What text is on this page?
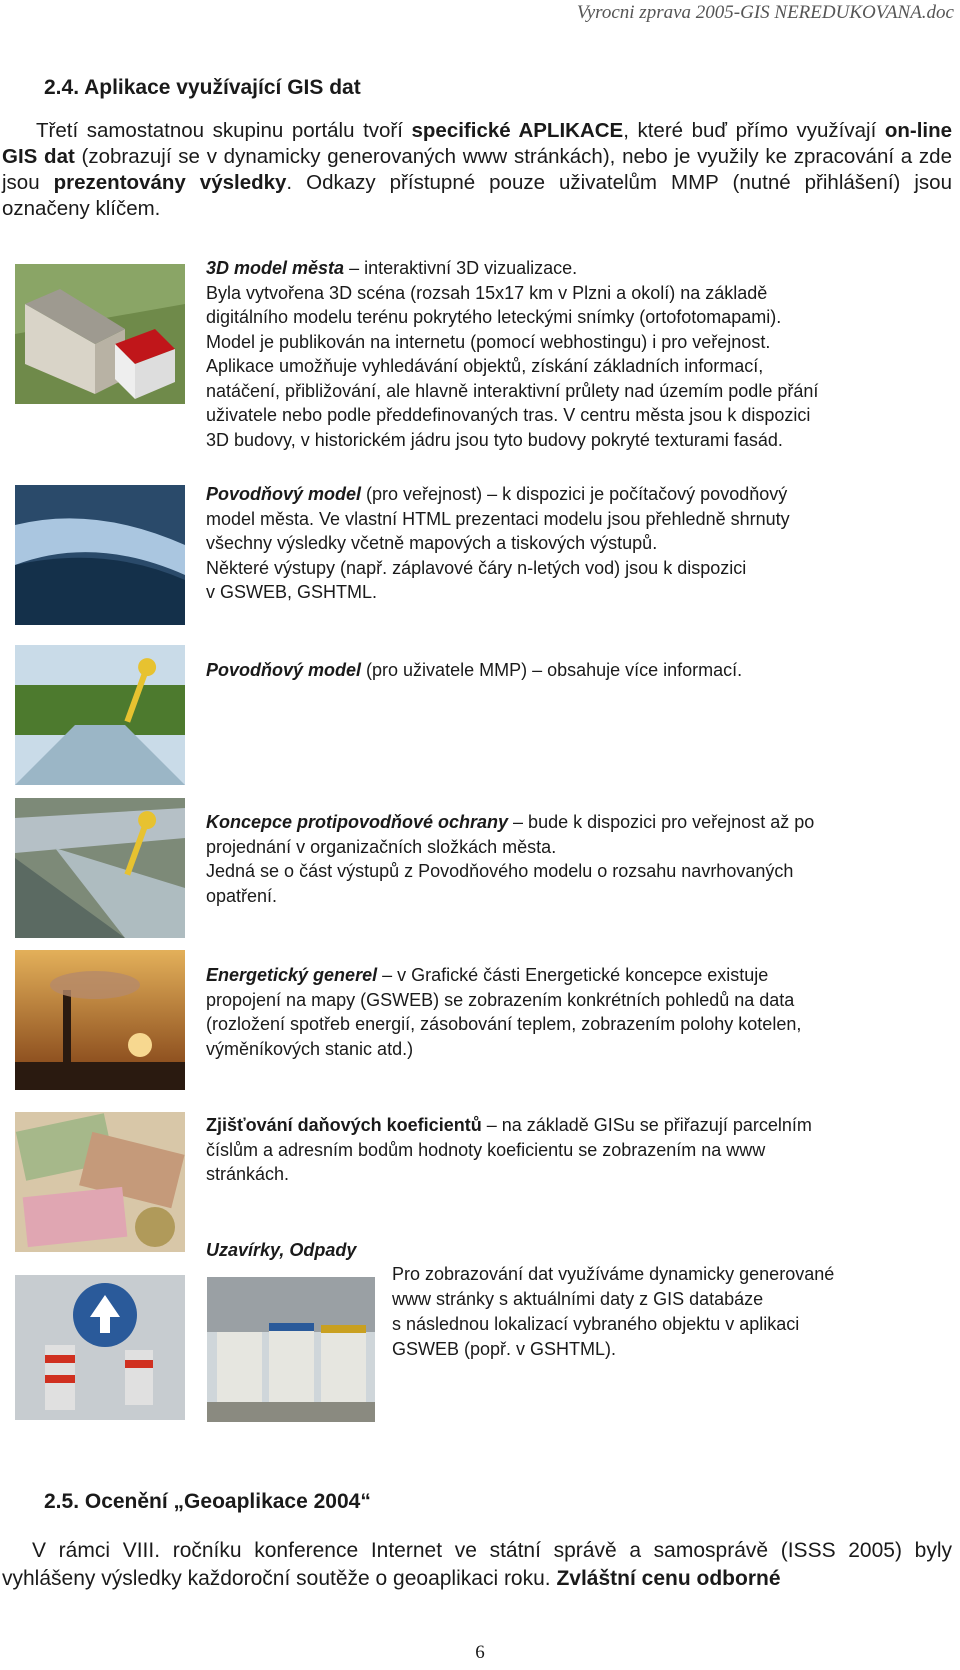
Vyrocni zprava 2005-GIS NEREDUKOVANA.doc
2.4. Aplikace využívající GIS dat
Třetí samostatnou skupinu portálu tvoří specifické APLIKACE, které buď přímo využívají on-line GIS dat (zobrazují se v dynamicky generovaných www stránkách), nebo je využily ke zpracování a zde jsou prezentovány výsledky. Odkazy přístupné pouze uživatelům MMP (nutné přihlášení) jsou označeny klíčem.
3D model města – interaktivní 3D vizualizace.
Byla vytvořena 3D scéna (rozsah 15x17 km v Plzni a okolí) na základě
digitálního modelu terénu pokrytého leteckými snímky (ortofotomapami).
Model je publikován na internetu (pomocí webhostingu) i pro veřejnost.
Aplikace umožňuje vyhledávání objektů, získání základních informací,
natáčení, přibližování, ale hlavně interaktivní průlety nad územím podle přání
uživatele nebo podle předdefinovaných tras. V centru města jsou k dispozici
3D budovy, v historickém jádru jsou tyto budovy pokryté texturami fasád.
Povodňový model (pro veřejnost) – k dispozici je počítačový povodňový
model města. Ve vlastní HTML prezentaci modelu jsou přehledně shrnuty
všechny výsledky včetně mapových a tiskových výstupů.
Některé výstupy (např. záplavové čáry n-letých vod) jsou k dispozici
v GSWEB, GSHTML.
Povodňový model (pro uživatele MMP) – obsahuje více informací.
Koncepce protipovodňové ochrany – bude k dispozici pro veřejnost až po
projednání v organizačních složkách města.
Jedná se o část výstupů z Povodňového modelu o rozsahu navrhovaných
opatření.
Energetický generel – v Grafické části Energetické koncepce existuje
propojení na mapy (GSWEB) se zobrazením konkrétních pohledů na data
(rozložení spotřeb energií, zásobování teplem, zobrazením polohy kotelen,
výměníkových stanic atd.)
Zjišťování daňových koeficientů – na základě GISu se přiřazují parcelním
číslům a adresním bodům hodnoty koeficientu se zobrazením na www
stránkách.
Uzavírky, Odpady
Pro zobrazování dat využíváme dynamicky generované
www stránky s aktuálními daty z GIS databáze
s následnou lokalizací vybraného objektu v aplikaci
GSWEB (popř. v GSHTML).
2.5. Ocenění „Geoaplikace 2004“
V rámci VIII. ročníku konference Internet ve státní správě a samosprávě (ISSS 2005) byly vyhlášeny výsledky každoroční soutěže o geoaplikaci roku. Zvláštní cenu odborné
6
